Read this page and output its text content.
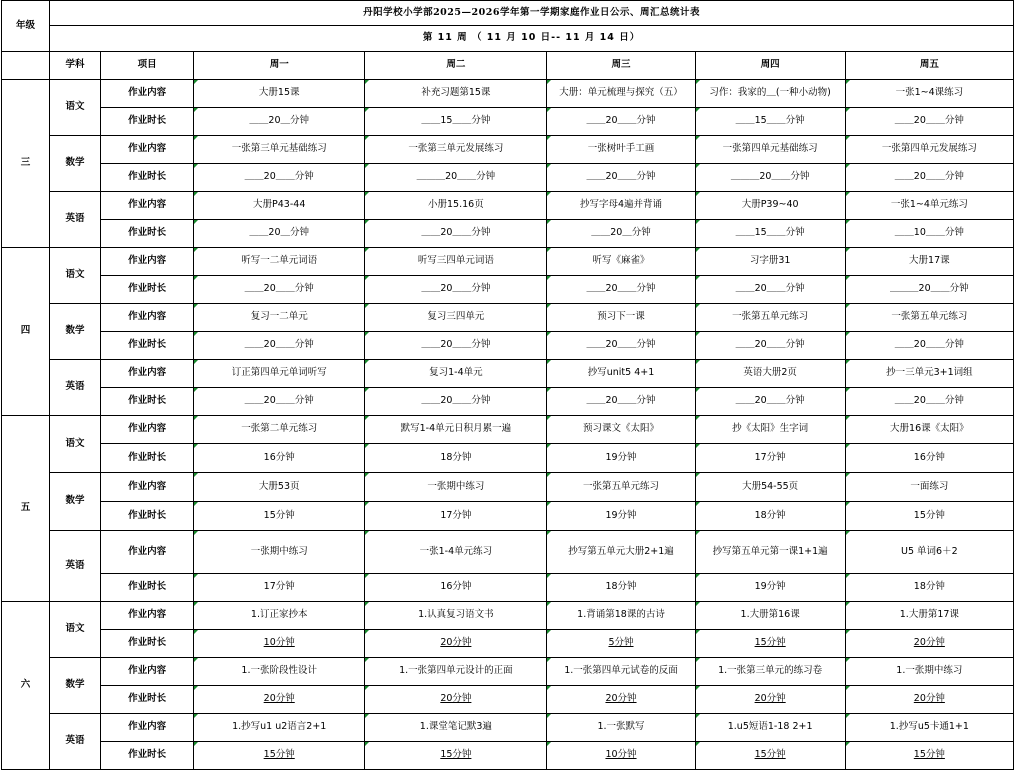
年级	丹阳学校小学部2025—2026学年第一学期家庭作业日公示、周汇总统计表						
	第 11 周 （ 11 月 10 日-- 11 月 14 日）						
	学科	项目	周一	周二	周三	周四	周五
三	语文	作业内容	大册15课	补充习题第15课	大册：单元梳理与探究（五）	习作：我家的＿(一种小动物)	一张1~4课练习
		作业时长	＿＿20＿分钟	＿＿15＿＿分钟	＿＿20＿＿分钟	＿＿15＿＿分钟	＿＿20＿＿分钟
	数学	作业内容	一张第三单元基础练习	一张第三单元发展练习	一张树叶手工画	一张第四单元基础练习	一张第四单元发展练习
		作业时长	＿＿20＿＿分钟	＿＿＿20＿＿分钟	＿＿20＿＿分钟	＿＿＿20＿＿分钟	＿＿20＿＿分钟
	英语	作业内容	大册P43-44	小册15.16页	抄写字母4遍并背诵	大册P39~40	一张1~4单元练习
		作业时长	＿＿20＿分钟	＿＿20＿＿分钟	＿＿20＿分钟	＿＿15＿＿分钟	＿＿10＿＿分钟
四	语文	作业内容	听写一二单元词语	听写三四单元词语	听写《麻雀》	习字册31	大册17课
		作业时长	＿＿20＿＿分钟	＿＿20＿＿分钟	＿＿20＿＿分钟	＿＿20＿＿分钟	＿＿＿20＿＿分钟
	数学	作业内容	复习一二单元	复习三四单元	预习下一课	一张第五单元练习	一张第五单元练习
		作业时长	＿＿20＿＿分钟	＿＿20＿＿分钟	＿＿20＿＿分钟	＿＿20＿＿分钟	＿＿20＿＿分钟
	英语	作业内容	订正第四单元单词听写	复习1-4单元	抄写unit5 4+1	英语大册2页	抄一三单元3+1词组
		作业时长	＿＿20＿＿分钟	＿＿20＿＿分钟	＿＿20＿＿分钟	＿＿20＿＿分钟	＿＿20＿＿分钟
五	语文	作业内容	一张第二单元练习	默写1-4单元日积月累一遍	预习课文《太阳》	抄《太阳》生字词	大册16课《太阳》
		作业时长	16分钟	18分钟	19分钟	17分钟	16分钟
	数学	作业内容	大册53页	一张期中练习	一张第五单元练习	大册54-55页	一面练习
		作业时长	15分钟	17分钟	19分钟	18分钟	15分钟
	英语	作业内容	一张期中练习	一张1-4单元练习	抄写第五单元大册2+1遍	抄写第五单元第一课1+1遍	U5 单词6＋2
		作业时长	17分钟	16分钟	18分钟	19分钟	18分钟
六	语文	作业内容	1.订正家抄本	1.认真复习语文书	1.背诵第18课的古诗	1.大册第16课	1.大册第17课
		作业时长	10分钟	20分钟	5分钟	15分钟	20分钟
	数学	作业内容	1.一张阶段性设计	1.一张第四单元设计的正面	1.一张第四单元试卷的反面	1.一张第三单元的练习卷	1.一张期中练习
		作业时长	20分钟	20分钟	20分钟	20分钟	20分钟
	英语	作业内容	1.抄写u1 u2语言2+1	1.课堂笔记默3遍	1.一张默写	1.u5短语1-18 2+1	1.抄写u5卡通1+1
		作业时长	15分钟	15分钟	10分钟	15分钟	15分钟
